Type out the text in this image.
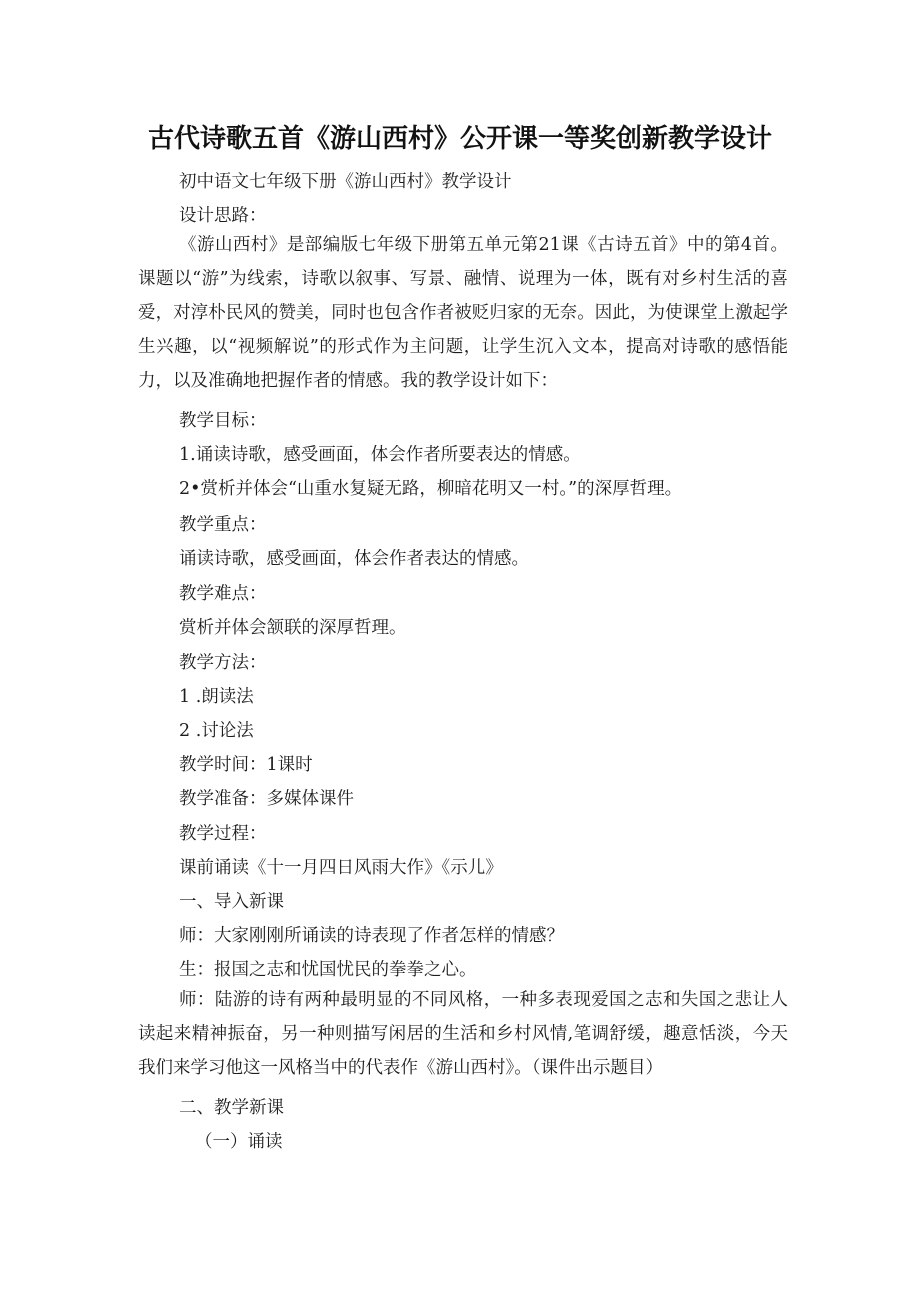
古代诗歌五首《游山西村》公开课一等奖创新教学设计
初中语文七年级下册《游山西村》教学设计
设计思路：
《游山西村》是部编版七年级下册第五单元第21课《古诗五首》中的第4首。课题以“游”为线索，诗歌以叙事、写景、融情、说理为一体，既有对乡村生活的喜爱，对淳朴民风的赞美，同时也包含作者被贬归家的无奈。因此，为使课堂上激起学生兴趣，以“视频解说”的形式作为主问题，让学生沉入文本，提高对诗歌的感悟能力，以及准确地把握作者的情感。我的教学设计如下：
教学目标：
1.诵读诗歌，感受画面，体会作者所要表达的情感。
2•赏析并体会“山重水复疑无路，柳暗花明又一村。”的深厚哲理。
教学重点：
诵读诗歌，感受画面，体会作者表达的情感。
教学难点：
赏析并体会颔联的深厚哲理。
教学方法：
1 .朗读法
2 .讨论法
教学时间：1课时
教学准备：多媒体课件
教学过程：
课前诵读《十一月四日风雨大作》《示儿》
一、导入新课
师：大家刚刚所诵读的诗表现了作者怎样的情感？
生：报国之志和忧国忧民的拳拳之心。
师：陆游的诗有两种最明显的不同风格，一种多表现爱国之志和失国之悲让人读起来精神振奋，另一种则描写闲居的生活和乡村风情,笔调舒缓，趣意恬淡，今天我们来学习他这一风格当中的代表作《游山西村》。（课件出示题目）
二、教学新课
（一）诵读
